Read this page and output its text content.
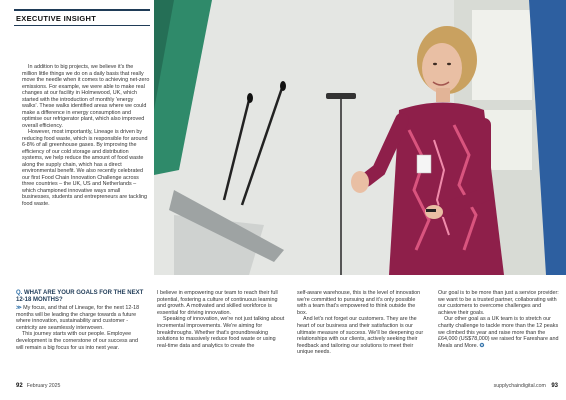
EXECUTIVE INSIGHT

In addition to big projects, we believe it's the million little things we do on a daily basis that really move the needle when it comes to achieving net-zero emissions. For example, we were able to make real changes at our facility in Holmewood, UK, which started with the introduction of monthly 'energy walks'. These walks identified areas where we could make a difference in energy consumption and optimise our refrigerator plant, which also improved overall efficiency.

However, most importantly, Lineage is driven by reducing food waste, which is responsible for around 6-8% of all greenhouse gases. By improving the efficiency of our cold storage and distribution systems, we help reduce the amount of food waste along the supply chain, which has a direct environmental benefit. We also recently celebrated our first Food Chain Innovation Challenge across three countries – the UK, US and Netherlands – which championed innovative ways small businesses, students and entrepreneurs are tackling food waste.

Q. WHAT ARE YOUR GOALS FOR THE NEXT 12-18 MONTHS?

≫ My focus, and that of Lineage, for the next 12-18 months will be leading the charge towards a future where innovation, sustainability and customer -centricity are seamlessly interwoven.

This journey starts with our people. Employee development is the cornerstone of our success and will remain a big focus for us into next year.

I believe in empowering our team to reach their full potential, fostering a culture of continuous learning and growth. A motivated and skilled workforce is essential for driving innovation.

Speaking of innovation, we're not just talking about incremental improvements. We're aiming for breakthroughs. Whether that's groundbreaking solutions to massively reduce food waste or using real-time data and analytics to create the

self-aware warehouse, this is the level of innovation we're committed to pursuing and it's only possible with a team that's empowered to think outside the box.

And let's not forget our customers. They are the heart of our business and their satisfaction is our ultimate measure of success. We'll be deepening our relationships with our clients, actively seeking their feedback and tailoring our solutions to meet their unique needs.

Our goal is to be more than just a service provider: we want to be a trusted partner, collaborating with our customers to overcome challenges and achieve their goals.

Our other goal as a UK team is to stretch our charity challenge to tackle more than the 12 peaks we climbed this year and raise more than the £64,000 (US$78,000) we raised for Fareshare and Meals and More. ✪

92 February 2025	supplychaindigital.com 93
